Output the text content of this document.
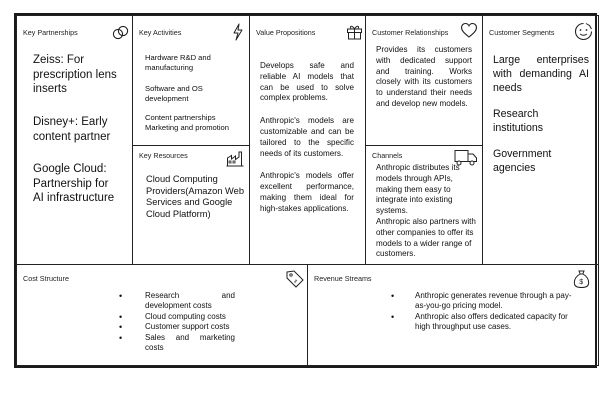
Key Partnerships
Zeiss: For prescription lens inserts
Disney+: Early content partner
Google Cloud: Partnership for AI infrastructure
Key Activities
Hardware R&D and manufacturing
Software and OS development
Content partnerships Marketing and promotion
Key Resources
Cloud Computing Providers(Amazon Web Services and Google Cloud Platform)
Value Propositions

Develops safe and reliable AI models that can be used to solve complex problems.

Anthropic's models are customizable and can be tailored to the specific needs of its customers.

Anthropic's models offer excellent performance, making them ideal for high-stakes applications.

Customer Relationships
Provides its customers with dedicated support and training. Works closely with its customers to understand their needs and develop new models.
Channels
Anthropic distributes its models through APIs, making them easy to integrate into existing systems.
Anthropic also partners with other companies to offer its models to a wider range of customers.
Customer Segments
Large enterprises with demanding AI needs
Research institutions
Government agencies
Cost Structure	$
•	Research and development costs
•	Cloud computing costs
•	Customer support costs
•	Sales and marketing costs
Revenue Streams	$
•	Anthropic generates revenue through a pay-as-you-go pricing model.
•	Anthropic also offers dedicated capacity for high throughput use cases.
